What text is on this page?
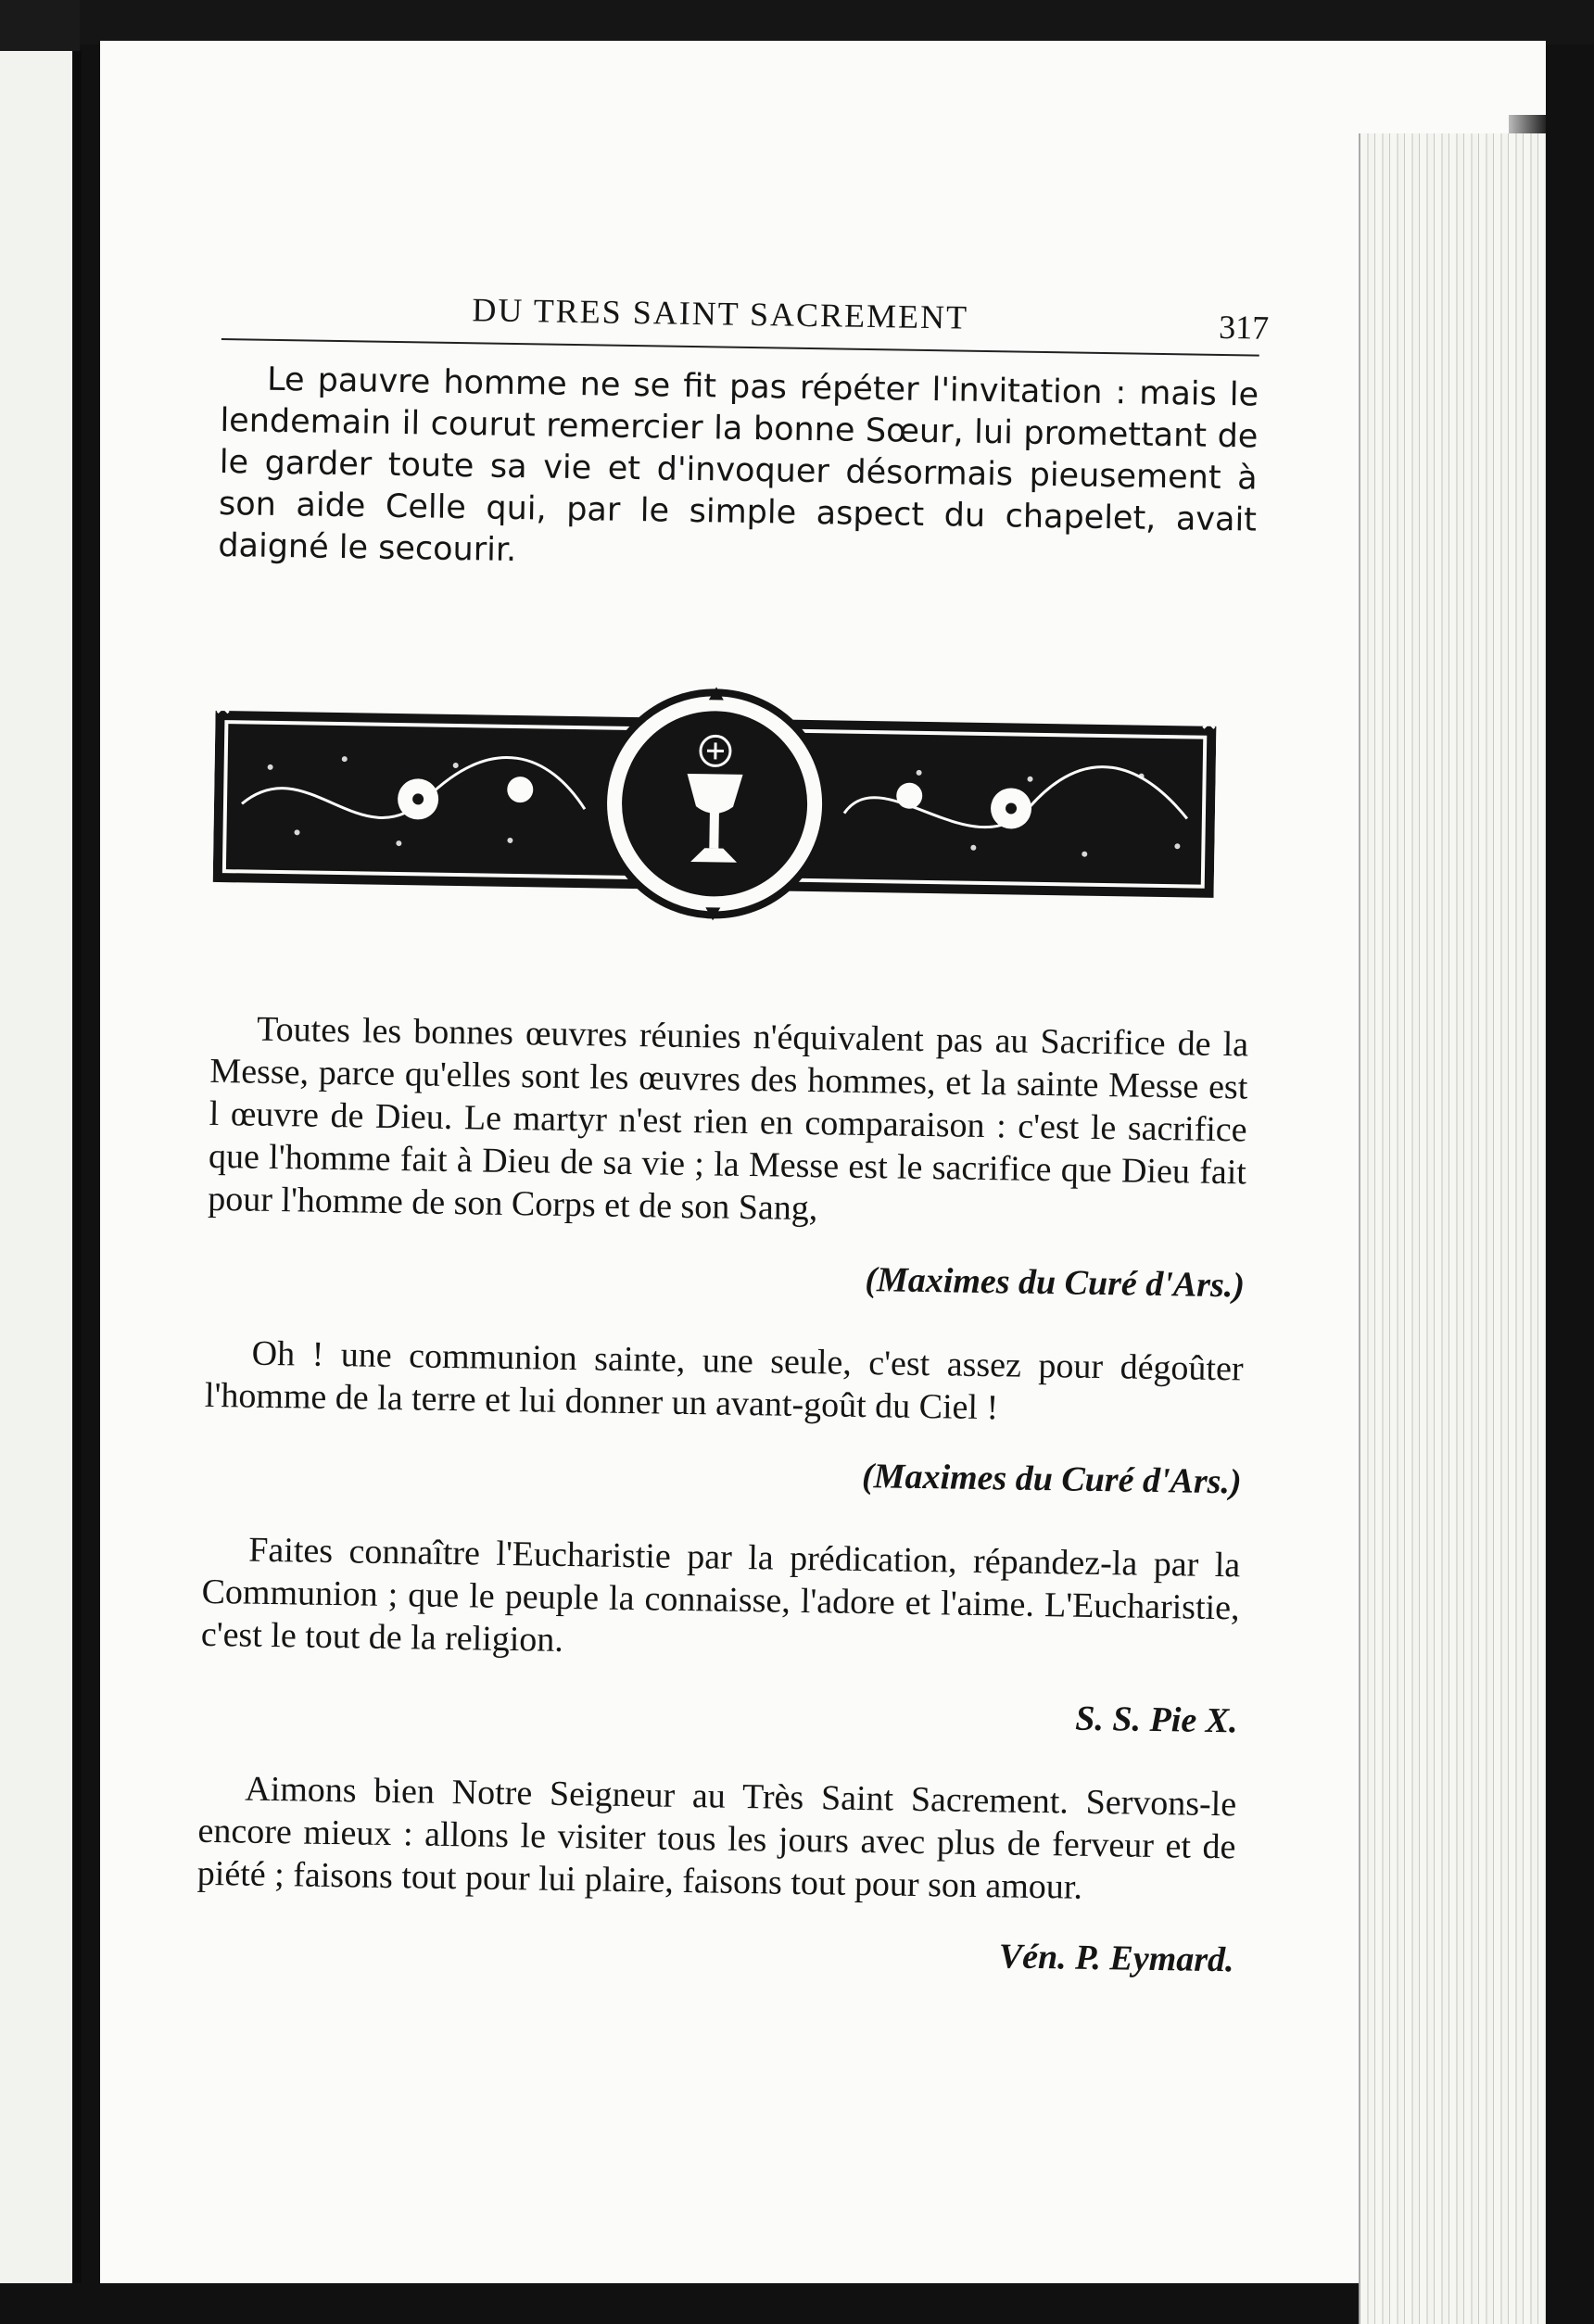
DU TRES SAINT SACREMENT	317

Le pauvre homme ne se fit pas répéter l'invitation : mais le lendemain il courut remercier la bonne Sœur, lui promettant de le garder toute sa vie et d'invoquer désormais pieusement à son aide Celle qui, par le simple aspect du chapelet, avait daigné le secourir.

Toutes les bonnes œuvres réunies n'équivalent pas au Sacrifice de la Messe, parce qu'elles sont les œuvres des hommes, et la sainte Messe est l œuvre de Dieu. Le martyr n'est rien en comparaison : c'est le sacrifice que l'homme fait à Dieu de sa vie ; la Messe est le sacrifice que Dieu fait pour l'homme de son Corps et de son Sang,

(Maximes du Curé d'Ars.)

Oh ! une communion sainte, une seule, c'est assez pour dégoûter l'homme de la terre et lui donner un avant-goût du Ciel !

(Maximes du Curé d'Ars.)

Faites connaître l'Eucharistie par la prédication, répandez-la par la Communion ; que le peuple la connaisse, l'adore et l'aime. L'Eucharistie, c'est le tout de la religion.

S. S. Pie X.

Aimons bien Notre Seigneur au Très Saint Sacrement. Servons-le encore mieux : allons le visiter tous les jours avec plus de ferveur et de piété ; faisons tout pour lui plaire, faisons tout pour son amour.

Vén. P. Eymard.
